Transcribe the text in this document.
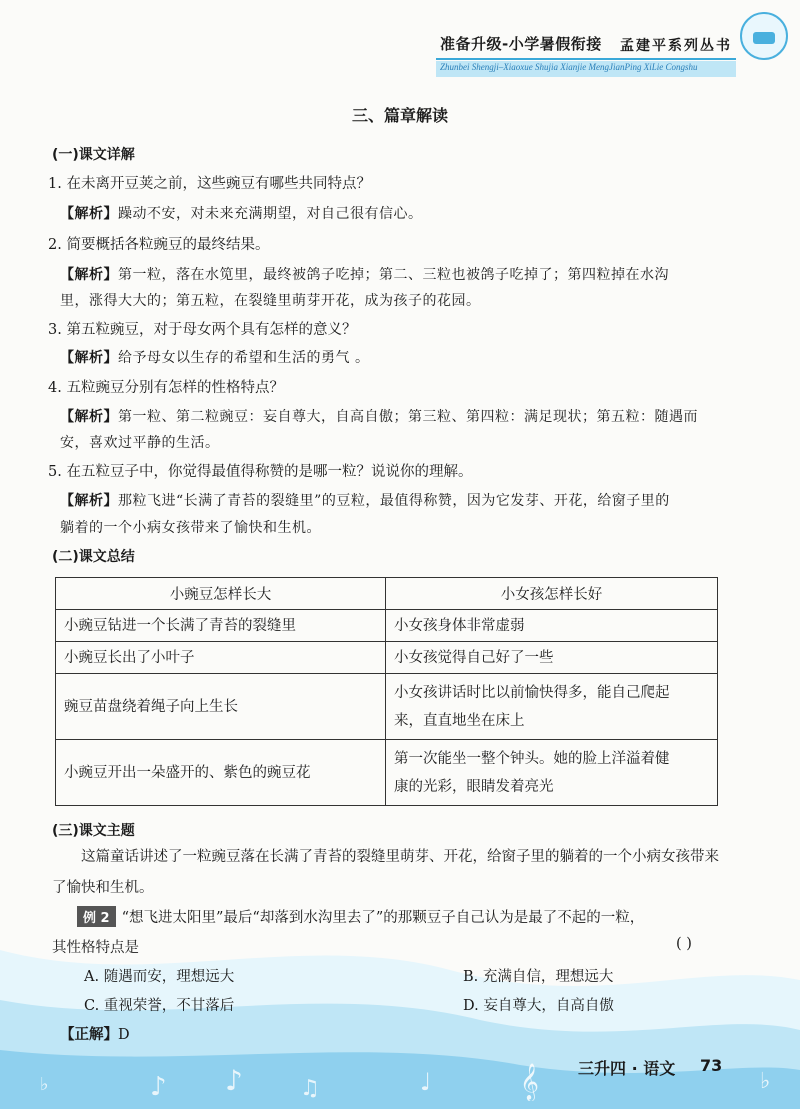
准备升级-小学暑假衔接 孟建平系列丛书
Zhunbei Shengji–Xiaoxue Shujia Xianjie MengJianPing XiLie Congshu
三、篇章解读
(一)课文详解
1. 在未离开豆荚之前，这些豌豆有哪些共同特点？
【解析】躁动不安，对未来充满期望，对自己很有信心。
2. 简要概括各粒豌豆的最终结果。
【解析】第一粒，落在水笕里，最终被鸽子吃掉；第二、三粒也被鸽子吃掉了；第四粒掉在水沟
里，涨得大大的；第五粒，在裂缝里萌芽开花，成为孩子的花园。
3. 第五粒豌豆，对于母女两个具有怎样的意义？
【解析】给予母女以生存的希望和生活的勇气 。
4. 五粒豌豆分别有怎样的性格特点？
【解析】第一粒、第二粒豌豆：妄自尊大，自高自傲；第三粒、第四粒：满足现状；第五粒：随遇而
安，喜欢过平静的生活。
5. 在五粒豆子中，你觉得最值得称赞的是哪一粒？说说你的理解。
【解析】那粒飞进“长满了青苔的裂缝里”的豆粒，最值得称赞，因为它发芽、开花，给窗子里的
躺着的一个小病女孩带来了愉快和生机。
(二)课文总结
小豌豆怎样长大	小女孩怎样长好
小豌豆钻进一个长满了青苔的裂缝里	小女孩身体非常虚弱
小豌豆长出了小叶子	小女孩觉得自己好了一些
豌豆苗盘绕着绳子向上生长	小女孩讲话时比以前愉快得多，能自己爬起
来，直直地坐在床上

小豌豆开出一朵盛开的、紫色的豌豆花	第一次能坐一整个钟头。她的脸上洋溢着健
康的光彩，眼睛发着亮光
(三)课文主题
这篇童话讲述了一粒豌豆落在长满了青苔的裂缝里萌芽、开花，给窗子里的躺着的一个小病女孩带来了愉快和生机。
♪	♫	♩	𝄞
♪
♭	♭
例 2 “想飞进太阳里”最后“却落到水沟里去了”的那颗豆子自己认为是最了不起的一粒，
其性格特点是	( )
A. 随遇而安，理想远大	B. 充满自信，理想远大
C. 重视荣誉，不甘落后	D. 妄自尊大，自高自傲
【正解】D
三升四 · 语文 73
